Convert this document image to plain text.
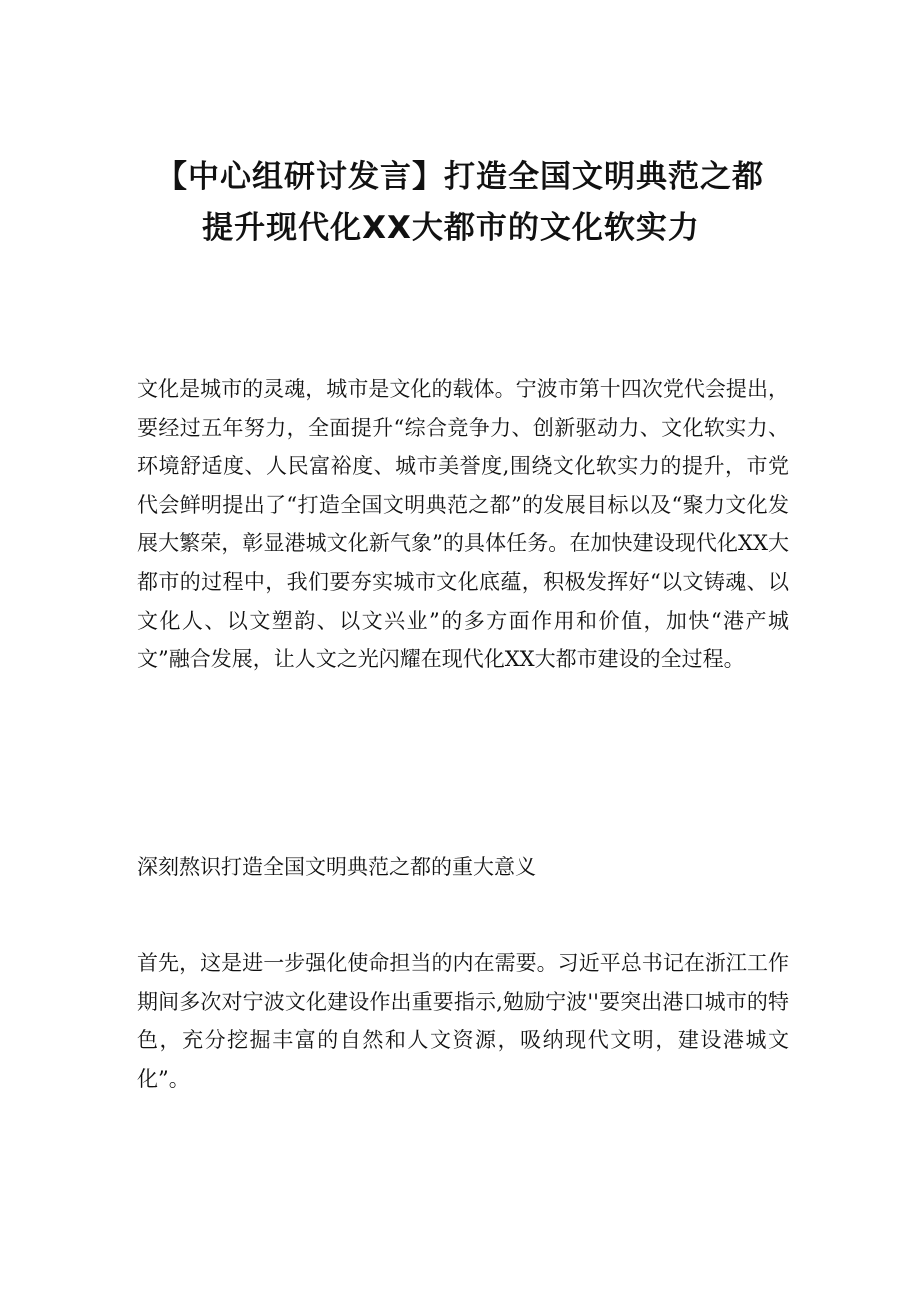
【中心组研讨发言】打造全国文明典范之都
提升现代化XX大都市的文化软实力

文化是城市的灵魂，城市是文化的载体。宁波市第十四次党代会提出，要经过五年努力，全面提升“综合竞争力、创新驱动力、文化软实力、环境舒适度、人民富裕度、城市美誉度,围绕文化软实力的提升，市党代会鲜明提出了“打造全国文明典范之都”的发展目标以及“聚力文化发展大繁荣，彰显港城文化新气象”的具体任务。在加快建设现代化XX大都市的过程中，我们要夯实城市文化底蕴，积极发挥好“以文铸魂、以文化人、以文塑韵、以文兴业”的多方面作用和价值，加快“港产城文”融合发展，让人文之光闪耀在现代化XX大都市建设的全过程。

深刻熬识打造全国文明典范之都的重大意义

首先，这是进一步强化使命担当的内在需要。习近平总书记在浙江工作期间多次对宁波文化建设作出重要指示,勉励宁波''要突出港口城市的特色，充分挖掘丰富的自然和人文资源，吸纳现代文明，建设港城文化”。
